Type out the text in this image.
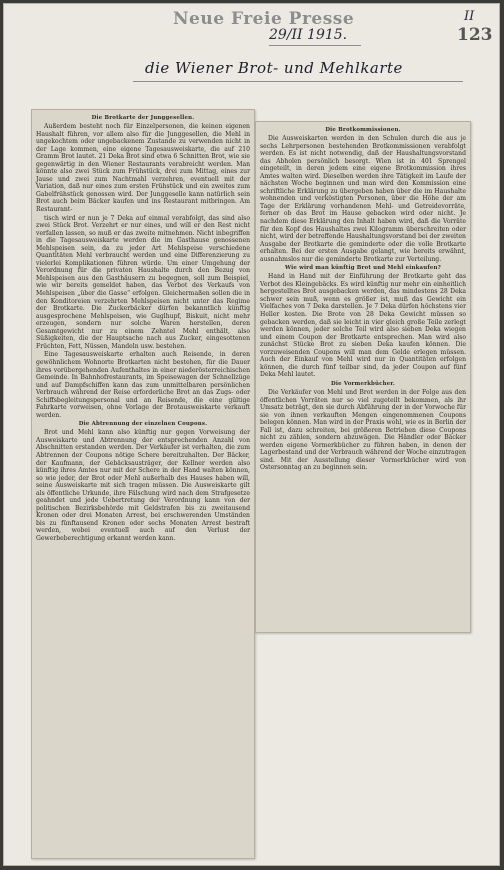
Neue Freie Presse	II
123
29/II 1915.
die Wiener Brot- und Mehlkarte
Die Brotkarte der Junggesellen.

Außerdem besteht noch für Einzelpersonen, die keinen eigenen Haushalt führen, vor allem also für die Junggesellen, die Mehl in ungekochtem oder ungebackenem Zustande zu verwenden nicht in der Lage kommen, eine eigene Tagesausweiskarte, die auf 210 Gramm Brot lautet. 21 Deka Brot sind etwa 6 Schnitten Brot, wie sie gegenwärtig in den Wiener Restaurants verabreicht werden. Man könnte also zwei Stück zum Frühstück, drei zum Mittag, eines zur Jause und zwei zum Nachtmahl verzehren, eventuell mit der Variation, daß nur eines zum ersten Frühstück und ein zweites zum Gabelfrühstück genossen wird. Der Junggeselle kann natürlich sein Brot auch beim Bäcker kaufen und ins Restaurant mitbringen. Am Restaurant-

tisch wird er nun je 7 Deka auf einmal verabfolgt, das sind also zwei Stück Brot. Verzehrt er nur eines, und will er den Rest nicht verfallen lassen, so muß er das zweite mitnehmen. Nicht inbegriffen in die Tagesausweiskarte werden die im Gasthause genossenen Mehlspeisen sein, da zu jeder Art Mehlspeise verschiedene Quantitäten Mehl verbraucht werden und eine Differenzierung zu vielerlei Komplikationen führen würde. Um einer Umgehung der Verordnung für die privaten Haushalte durch den Bezug von Mehlspeisen aus den Gasthäusern zu begegnen, soll zum Beispiel, wie wir bereits gemeldet haben, das Verbot des Verkaufs von Mehlspeisen „über die Gasse“ erfolgen. Gleichermaßen sollen die in den Konditoreien verzehrten Mehlspeisen nicht unter das Regime der Brotkarte. Die Zuckerbäcker dürfen bekanntlich künftig ausgesprochene Mehlspeisen, wie Guglhupf, Biskuit, nicht mehr erzeugen, sondern nur solche Waren herstellen, deren Gesamtgewicht nur zu einem Zehntel Mehl enthält, also Süßigkeiten, die der Hauptsache nach aus Zucker, eingesottenen Früchten, Fett, Nüssen, Mandeln usw. bestehen.

Eine Tagesausweiskarte erhalten auch Reisende, in deren gewöhnlichem Wohnorte Brotkarten nicht bestehen, für die Dauer ihres vorübergehenden Aufenthaltes in einer niederösterreichischen Gemeinde. In Bahnhofrestaurants, im Speisewagen der Schnellzüge und auf Dampfschiffen kann das zum unmittelbaren persönlichen Verbrauch während der Reise erforderliche Brot an das Zugs- oder Schiffsbegleitungspersonal und an Reisende, die eine gültige Fahrkarte vorweisen, ohne Vorlage der Brotausweiskarte verkauft werden.

Die Abtrennung der einzelnen Coupons.

Brot und Mehl kann also künftig nur gegen Vorweisung der Ausweiskarte und Abtrennung der entsprechenden Anzahl von Abschnitten erstanden werden. Der Verkäufer ist verhalten, die zum Abtrennen der Coupons nötige Schere bereitzuhalten. Der Bäcker, der Kaufmann, der Gebäcksausträger, der Kellner werden also künftig ihres Amtes nur mit der Schere in der Hand walten können, so wie jeder, der Brot oder Mehl außerhalb des Hauses haben will, seine Ausweiskarte mit sich tragen müssen. Die Ausweiskarte gilt als öffentliche Urkunde, ihre Fälschung wird nach dem Strafgesetze geahndet und jede Uebertretung der Verordnung kann von der politischen Bezirksbehörde mit Geldstrafen bis zu zweitausend Kronen oder drei Monaten Arrest, bei erschwerenden Umständen bis zu fünftausend Kronen oder sechs Monaten Arrest bestraft werden, wobei eventuell auch auf den Verlust der Gewerbeberechtigung erkannt werden kann.

Die Brotkommissionen.

Die Ausweiskarten werden in den Schulen durch die aus je sechs Lehrpersonen bestehenden Brotkommissionen verabfolgt werden. Es ist nicht notwendig, daß der Haushaltungsvorstand das Abholen persönlich besorgt. Wien ist in 401 Sprengel eingeteilt, in deren jedem eine eigene Brotkommission ihres Amtes walten wird. Dieselben werden ihre Tätigkeit im Laufe der nächsten Woche beginnen und man wird den Kommission eine schriftliche Erklärung zu übergeben haben über die im Haushalte wohnenden und verköstigten Personen, über die Höhe der am Tage der Erklärung vorhandenen Mehl- und Getreidevorräte, ferner ob das Brot im Hause gebacken wird oder nicht. Je nachdem diese Erklärung den Inhalt haben wird, daß die Vorräte für den Kopf des Haushaltes zwei Kilogramm überschreiten oder nicht, wird der betreffende Haushaltungsvorstand bei der zweiten Ausgabe der Brotkarte die geminderte oder die volle Brotkarte erhalten. Bei der ersten Ausgabe gelangt, wie bereits erwähnt, ausnahmslos nur die geminderte Brotkarte zur Verteilung.

Wie wird man künftig Brot und Mehl einkaufen?

Hand in Hand mit der Einführung der Brotkarte geht das Verbot des Kleingebäcks. Es wird künftig nur mehr ein einheitlich hergestelltes Brot ausgebacken werden, das mindestens 28 Deka schwer sein muß, wenn es größer ist, muß das Gewicht ein Vielfaches von 7 Deka darstellen. Je 7 Deka dürfen höchstens vier Heller kosten. Die Brote von 28 Deka Gewicht müssen so gebacken werden, daß sie leicht in vier gleich große Teile zerlegt werden können, jeder solche Teil wird also sieben Deka wiegen und einem Coupon der Brotkarte entsprechen. Man wird also zunächst Stücke Brot zu sieben Deka kaufen können. Die vorzuweisenden Coupons will man dem Gelde erlegen müssen. Auch der Einkauf von Mehl wird nur in Quantitäten erfolgen können, die durch fünf teilbar sind, da jeder Coupon auf fünf Deka Mehl lautet.

Die Vormerkbücher.

Die Verkäufer von Mehl und Brot werden in der Folge aus den öffentlichen Vorräten nur so viel zugeteilt bekommen, als ihr Umsatz beträgt, den sie durch Abführung der in der Vorwoche für sie von ihnen verkauften Mengen eingenommenen Coupons belegen können. Man wird in der Praxis wohl, wie es in Berlin der Fall ist, dazu schreiten, bei größeren Betrieben diese Coupons nicht zu zählen, sondern abzuwägen. Die Händler oder Bäcker werden eigene Vormerkbücher zu führen haben, in denen der Lagerbestand und der Verbrauch während der Woche einzutragen sind. Mit der Ausstellung dieser Vormerkbücher wird von Ostersonntag an zu beginnen sein.
